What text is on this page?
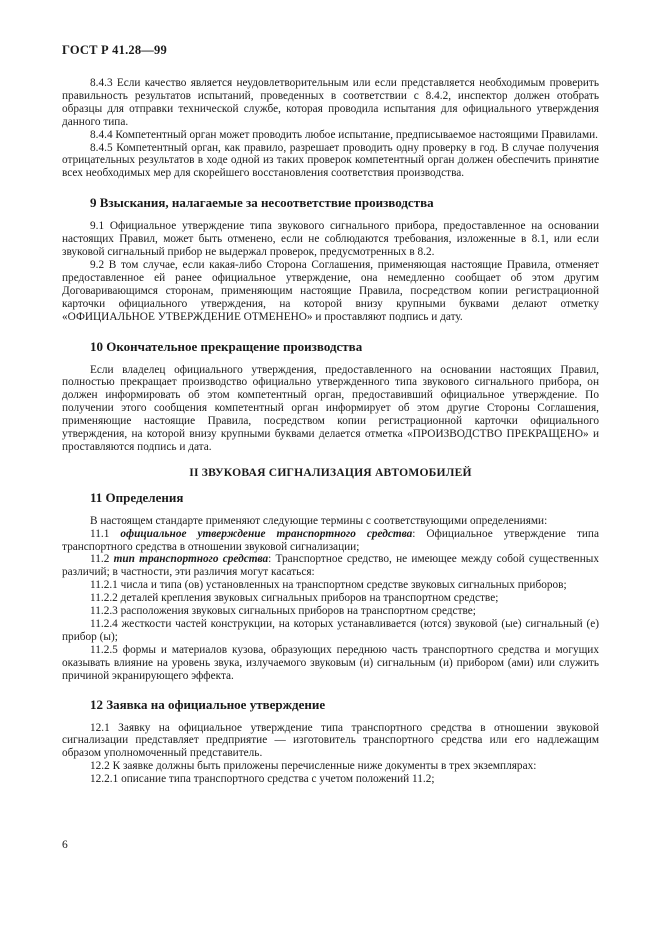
ГОСТ Р 41.28—99

8.4.3 Если качество является неудовлетворительным или если представляется необходимым проверить правильность результатов испытаний, проведенных в соответствии с 8.4.2, инспектор должен отобрать образцы для отправки технической службе, которая проводила испытания для официального утверждения данного типа.

8.4.4 Компетентный орган может проводить любое испытание, предписываемое настоящими Правилами.

8.4.5 Компетентный орган, как правило, разрешает проводить одну проверку в год. В случае получения отрицательных результатов в ходе одной из таких проверок компетентный орган должен обеспечить принятие всех необходимых мер для скорейшего восстановления соответствия производства.

9 Взыскания, налагаемые за несоответствие производства

9.1 Официальное утверждение типа звукового сигнального прибора, предоставленное на основании настоящих Правил, может быть отменено, если не соблюдаются требования, изложенные в 8.1, или если звуковой сигнальный прибор не выдержал проверок, предусмотренных в 8.2.

9.2 В том случае, если какая-либо Сторона Соглашения, применяющая настоящие Правила, отменяет предоставленное ей ранее официальное утверждение, она немедленно сообщает об этом другим Договаривающимся сторонам, применяющим настоящие Правила, посредством копии регистрационной карточки официального утверждения, на которой внизу крупными буквами делают отметку «ОФИЦИАЛЬНОЕ УТВЕРЖДЕНИЕ ОТМЕНЕНО» и проставляют подпись и дату.

10 Окончательное прекращение производства

Если владелец официального утверждения, предоставленного на основании настоящих Правил, полностью прекращает производство официально утвержденного типа звукового сигнального прибора, он должен информировать об этом компетентный орган, предоставивший официальное утверждение. По получении этого сообщения компетентный орган информирует об этом другие Стороны Соглашения, применяющие настоящие Правила, посредством копии регистрационной карточки официального утверждения, на которой внизу крупными буквами делается отметка «ПРОИЗВОДСТВО ПРЕКРАЩЕНО» и проставляются подпись и дата.

II ЗВУКОВАЯ СИГНАЛИЗАЦИЯ АВТОМОБИЛЕЙ
11 Определения

В настоящем стандарте применяют следующие термины с соответствующими определениями:

11.1 официальное утверждение транспортного средства: Официальное утверждение типа транспортного средства в отношении звуковой сигнализации;

11.2 тип транспортного средства: Транспортное средство, не имеющее между собой существенных различий; в частности, эти различия могут касаться:

11.2.1 числа и типа (ов) установленных на транспортном средстве звуковых сигнальных приборов;

11.2.2 деталей крепления звуковых сигнальных приборов на транспортном средстве;

11.2.3 расположения звуковых сигнальных приборов на транспортном средстве;

11.2.4 жесткости частей конструкции, на которых устанавливается (ются) звуковой (ые) сигнальный (е) прибор (ы);

11.2.5 формы и материалов кузова, образующих переднюю часть транспортного средства и могущих оказывать влияние на уровень звука, излучаемого звуковым (и) сигнальным (и) прибором (ами) или служить причиной экранирующего эффекта.

12 Заявка на официальное утверждение

12.1 Заявку на официальное утверждение типа транспортного средства в отношении звуковой сигнализации представляет предприятие — изготовитель транспортного средства или его надлежащим образом уполномоченный представитель.

12.2 К заявке должны быть приложены перечисленные ниже документы в трех экземплярах:

12.2.1 описание типа транспортного средства с учетом положений 11.2;

6
